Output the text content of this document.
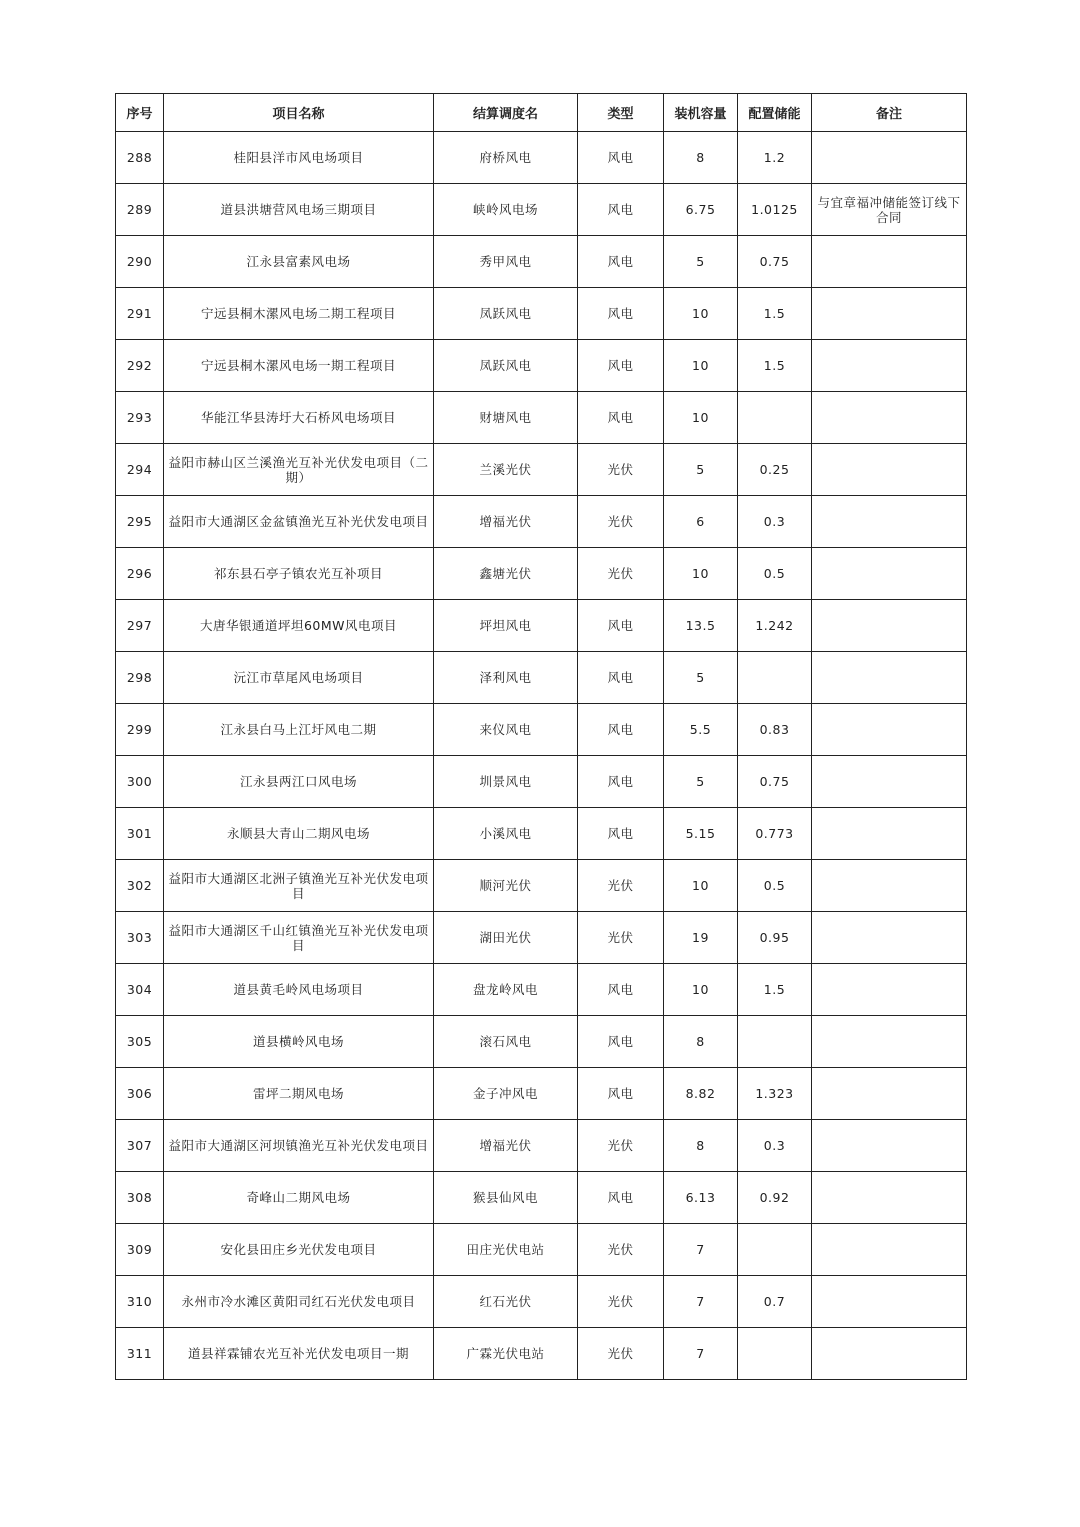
序号	项目名称	结算调度名	类型	装机容量	配置储能	备注
288	桂阳县洋市风电场项目	府桥风电	风电	8	1.2	
289	道县洪塘营风电场三期项目	峡岭风电场	风电	6.75	1.0125	与宜章福冲储能签订线下合同
290	江永县富素风电场	秀甲风电	风电	5	0.75	
291	宁远县桐木漯风电场二期工程项目	凤跃风电	风电	10	1.5	
292	宁远县桐木漯风电场一期工程项目	凤跃风电	风电	10	1.5	
293	华能江华县涛圩大石桥风电场项目	财塘风电	风电	10		
294	益阳市赫山区兰溪渔光互补光伏发电项目（二期）	兰溪光伏	光伏	5	0.25	
295	益阳市大通湖区金盆镇渔光互补光伏发电项目	增福光伏	光伏	6	0.3	
296	祁东县石亭子镇农光互补项目	鑫塘光伏	光伏	10	0.5	
297	大唐华银通道坪坦60MW风电项目	坪坦风电	风电	13.5	1.242	
298	沅江市草尾风电场项目	泽利风电	风电	5		
299	江永县白马上江圩风电二期	来仪风电	风电	5.5	0.83	
300	江永县两江口风电场	圳景风电	风电	5	0.75	
301	永顺县大青山二期风电场	小溪风电	风电	5.15	0.773	
302	益阳市大通湖区北洲子镇渔光互补光伏发电项目	顺河光伏	光伏	10	0.5	
303	益阳市大通湖区千山红镇渔光互补光伏发电项目	湖田光伏	光伏	19	0.95	
304	道县黄毛岭风电场项目	盘龙岭风电	风电	10	1.5	
305	道县横岭风电场	滚石风电	风电	8		
306	雷坪二期风电场	金子冲风电	风电	8.82	1.323	
307	益阳市大通湖区河坝镇渔光互补光伏发电项目	增福光伏	光伏	8	0.3	
308	奇峰山二期风电场	猴县仙风电	风电	6.13	0.92	
309	安化县田庄乡光伏发电项目	田庄光伏电站	光伏	7		
310	永州市冷水滩区黄阳司红石光伏发电项目	红石光伏	光伏	7	0.7	
311	道县祥霖铺农光互补光伏发电项目一期	广霖光伏电站	光伏	7		
